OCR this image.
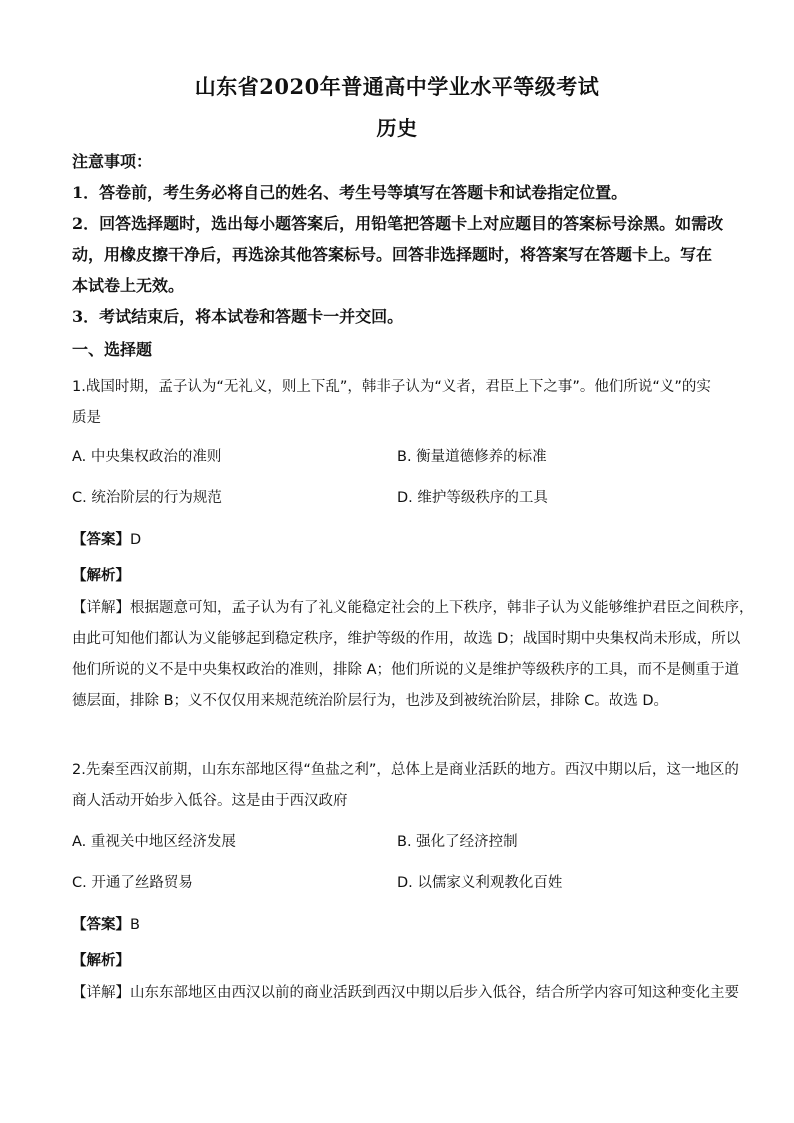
山东省2020年普通高中学业水平等级考试
历史
注意事项：
1．答卷前，考生务必将自己的姓名、考生号等填写在答题卡和试卷指定位置。
2．回答选择题时，选出每小题答案后，用铅笔把答题卡上对应题目的答案标号涂黑。如需改
动，用橡皮擦干净后，再选涂其他答案标号。回答非选择题时，将答案写在答题卡上。写在
本试卷上无效。
3．考试结束后，将本试卷和答题卡一并交回。
一、选择题
1.战国时期，孟子认为“无礼义，则上下乱”，韩非子认为“义者，君臣上下之事”。他们所说“义”的实
质是
A. 中央集权政治的准则	B. 衡量道德修养的标准
C. 统治阶层的行为规范	D. 维护等级秩序的工具
【答案】D
【解析】
【详解】根据题意可知，孟子认为有了礼义能稳定社会的上下秩序，韩非子认为义能够维护君臣之间秩序，
由此可知他们都认为义能够起到稳定秩序，维护等级的作用，故选 D；战国时期中央集权尚未形成，所以
他们所说的义不是中央集权政治的准则，排除 A；他们所说的义是维护等级秩序的工具，而不是侧重于道
德层面，排除 B；义不仅仅用来规范统治阶层行为，也涉及到被统治阶层，排除 C。故选 D。
2.先秦至西汉前期，山东东部地区得“鱼盐之利”，总体上是商业活跃的地方。西汉中期以后，这一地区的
商人活动开始步入低谷。这是由于西汉政府
A. 重视关中地区经济发展	B. 强化了经济控制
C. 开通了丝路贸易	D. 以儒家义利观教化百姓
【答案】B
【解析】
【详解】山东东部地区由西汉以前的商业活跃到西汉中期以后步入低谷，结合所学内容可知这种变化主要
